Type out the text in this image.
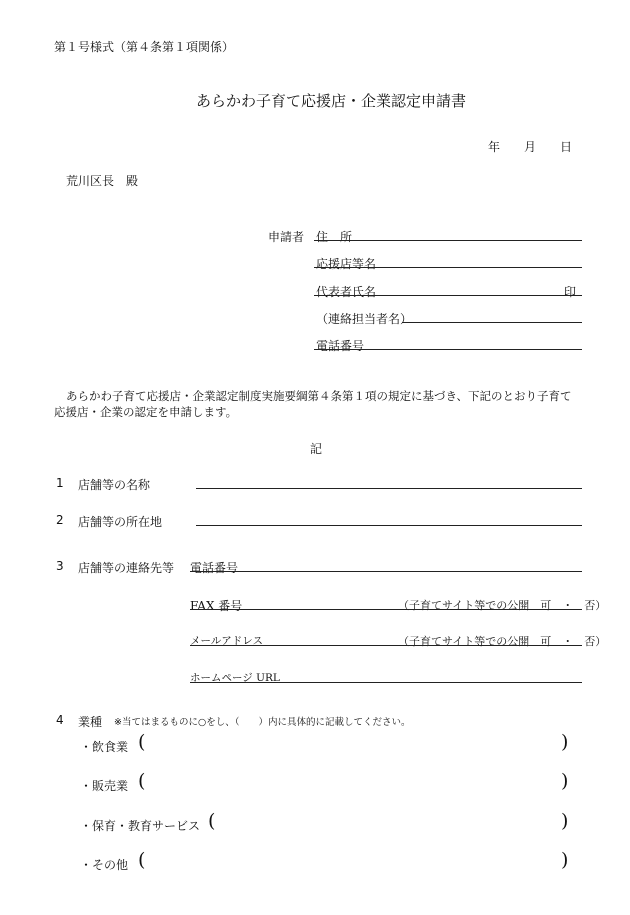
第１号様式（第４条第１項関係）
あらかわ子育て応援店・企業認定申請書
年 月 日
荒川区長　殿
申請者 住　所
応援店等名
代表者氏名	印
（連絡担当者名）
電話番号
あらかわ子育て応援店・企業認定制度実施要綱第４条第１項の規定に基づき、下記のとおり子育て
応援店・企業の認定を申請します。
記
1 店舗等の名称
2 店舗等の所在地
3 店舗等の連絡先等 電話番号
FAX 番号	（子育てサイト等での公開　可　・　否）
メールアドレス	（子育てサイト等での公開　可　・　否）
ホームページ URL
4 業種 ※当てはまるものに○をし、（　　）内に具体的に記載してください。
・飲食業 (	)
・販売業 (	)
・保育・教育サービス (	)
・その他 (	)
